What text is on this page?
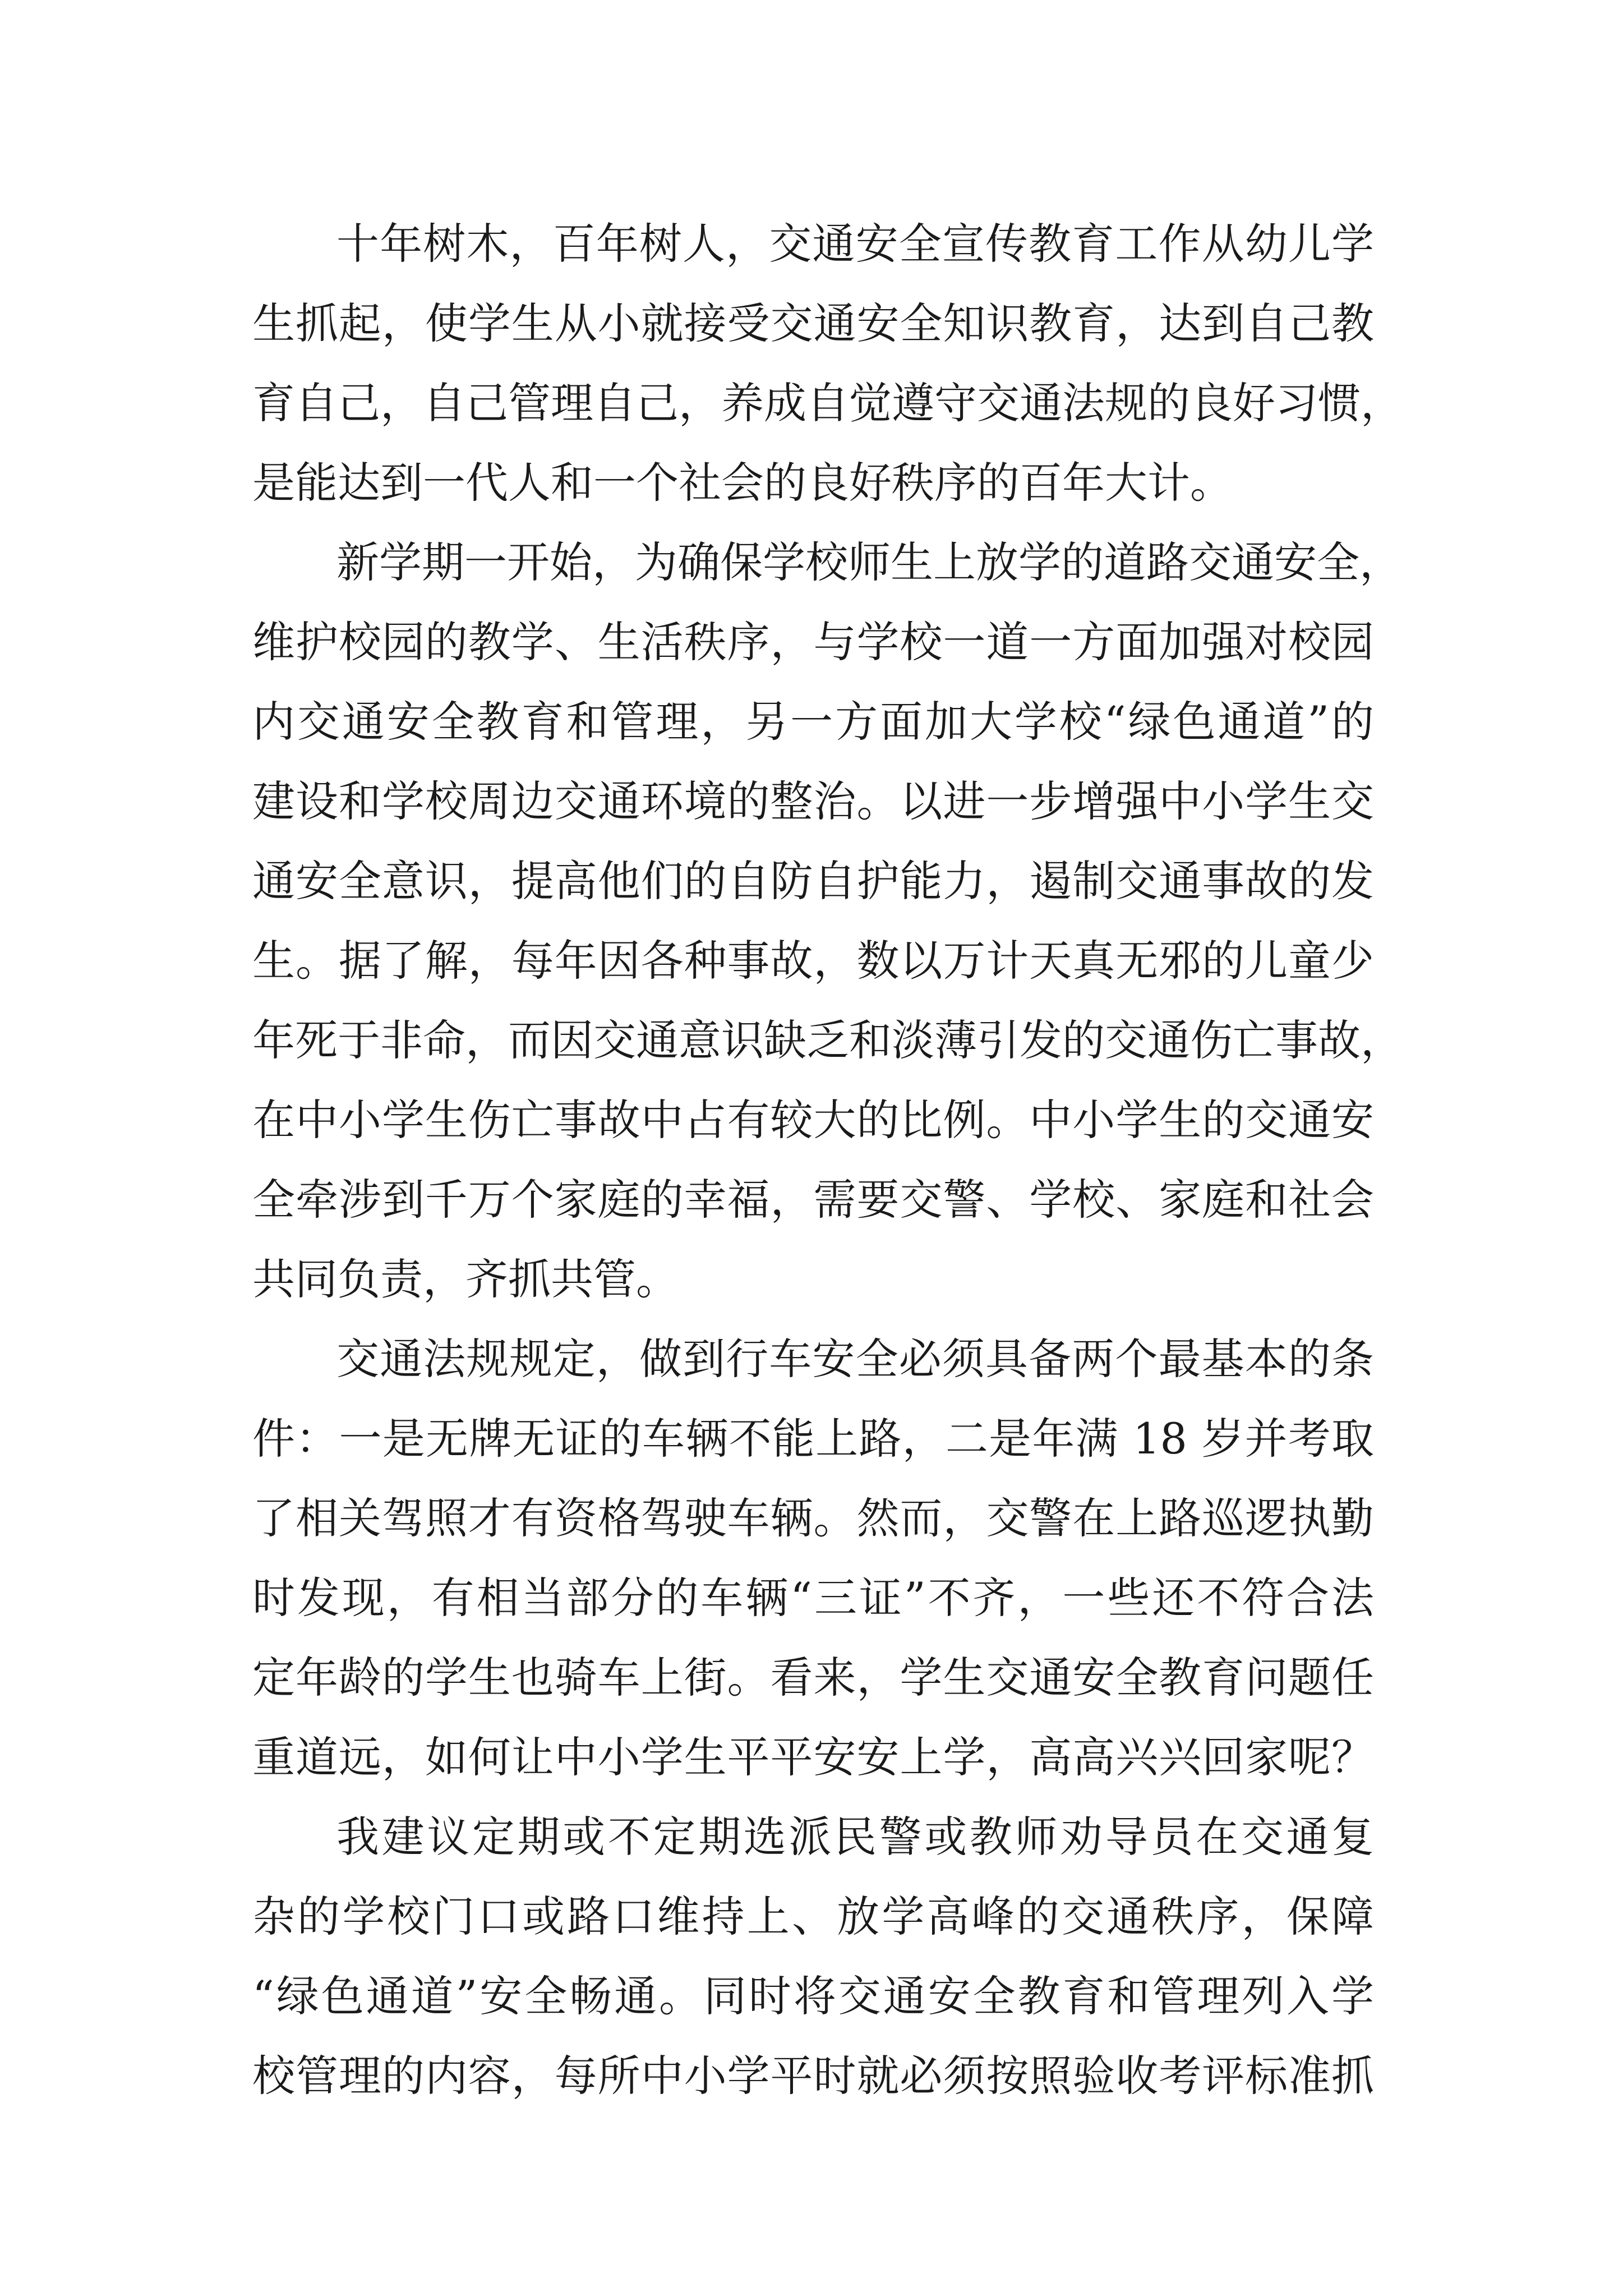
十年树木，百年树人，交通安全宣传教育工作从幼儿学
生抓起，使学生从小就接受交通安全知识教育，达到自己教
育自己，自己管理自己，养成自觉遵守交通法规的良好习惯，
是能达到一代人和一个社会的良好秩序的百年大计。
新学期一开始，为确保学校师生上放学的道路交通安全，
维护校园的教学、生活秩序，与学校一道一方面加强对校园
内交通安全教育和管理，另一方面加大学校“绿色通道”的
建设和学校周边交通环境的整治。以进一步增强中小学生交
通安全意识，提高他们的自防自护能力，遏制交通事故的发
生。据了解，每年因各种事故，数以万计天真无邪的儿童少
年死于非命，而因交通意识缺乏和淡薄引发的交通伤亡事故，
在中小学生伤亡事故中占有较大的比例。中小学生的交通安
全牵涉到千万个家庭的幸福，需要交警、学校、家庭和社会
共同负责，齐抓共管。
交通法规规定，做到行车安全必须具备两个最基本的条
件：一是无牌无证的车辆不能上路，二是年满 18 岁并考取
了相关驾照才有资格驾驶车辆。然而，交警在上路巡逻执勤
时发现，有相当部分的车辆“三证”不齐，一些还不符合法
定年龄的学生也骑车上街。看来，学生交通安全教育问题任
重道远，如何让中小学生平平安安上学，高高兴兴回家呢？
我建议定期或不定期选派民警或教师劝导员在交通复
杂的学校门口或路口维持上、放学高峰的交通秩序，保障
“绿色通道”安全畅通。同时将交通安全教育和管理列入学
校管理的内容，每所中小学平时就必须按照验收考评标准抓
